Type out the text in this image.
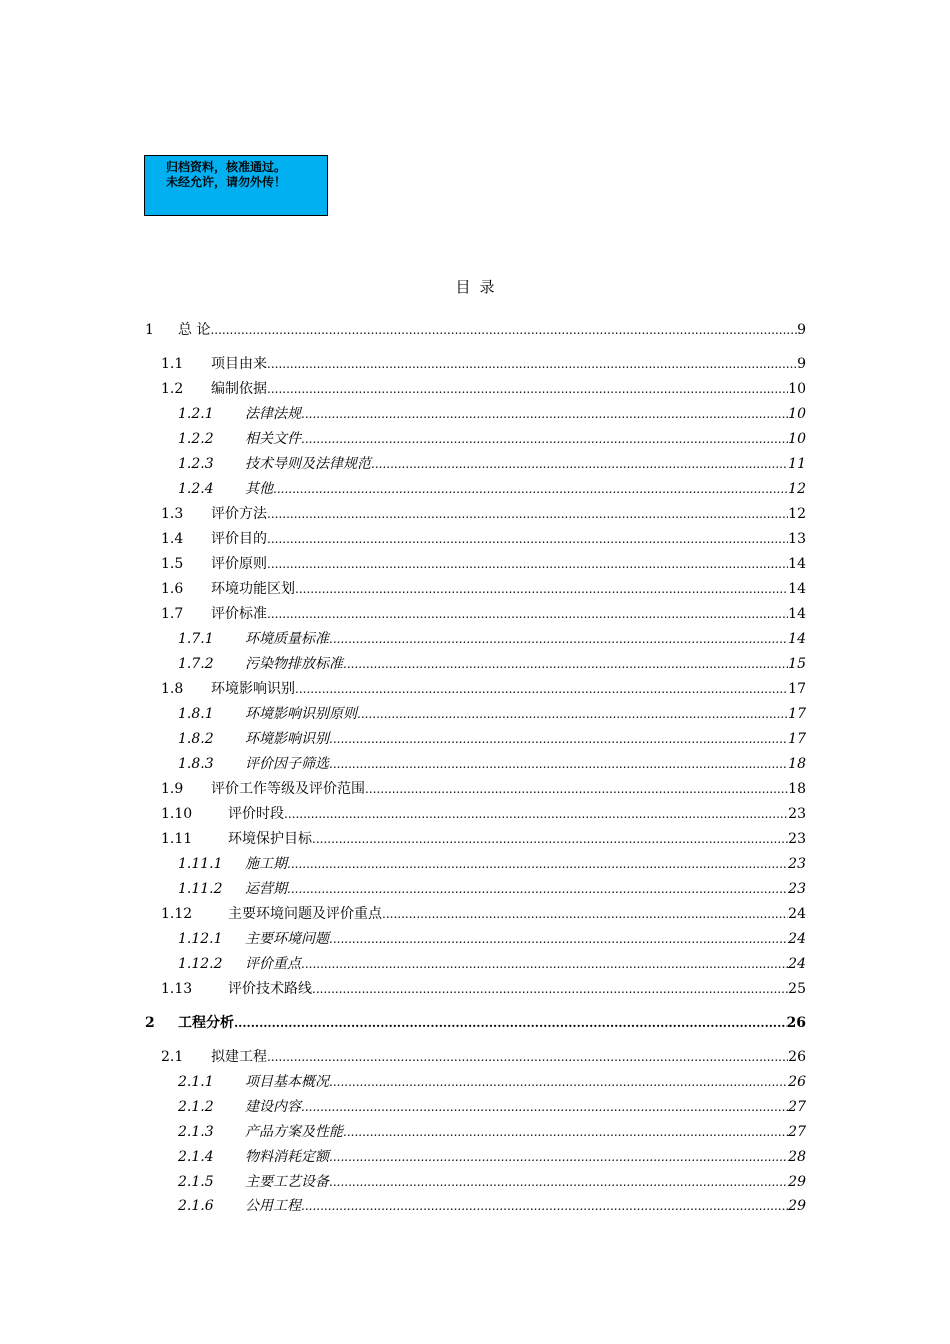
归档资料，核准通过。
未经允许，请勿外传！
目录
1 总 论 .....	9
1.1 项目由来 .....	9
1.2 编制依据 .....	10
1.2.1 法律法规 .....	10
1.2.2 相关文件 .....	10
1.2.3 技术导则及法律规范 .....	11
1.2.4 其他 .....	12
1.3 评价方法 .....	12
1.4 评价目的 .....	13
1.5 评价原则 .....	14
1.6 环境功能区划 .....	14
1.7 评价标准 .....	14
1.7.1 环境质量标准 .....	14
1.7.2 污染物排放标准 .....	15
1.8 环境影响识别 .....	17
1.8.1 环境影响识别原则 .....	17
1.8.2 环境影响识别 .....	17
1.8.3 评价因子筛选 .....	18
1.9 评价工作等级及评价范围 .....	18
1.10	评价时段 .....	23
1.11	环境保护目标 .....	23
1.11.1 施工期 .....	23
1.11.2 运营期 .....	23
1.12	主要环境问题及评价重点 .....	24
1.12.1 主要环境问题 .....	24
1.12.2 评价重点 .....	24
1.13	评价技术路线 .....	25
2 工程分析 .....	26
2.1 拟建工程 .....	26
2.1.1 项目基本概况 .....	26
2.1.2 建设内容 .....	27
2.1.3 产品方案及性能 .....	27
2.1.4 物料消耗定额 .....	28
2.1.5 主要工艺设备 .....	29
2.1.6 公用工程 .....	29
